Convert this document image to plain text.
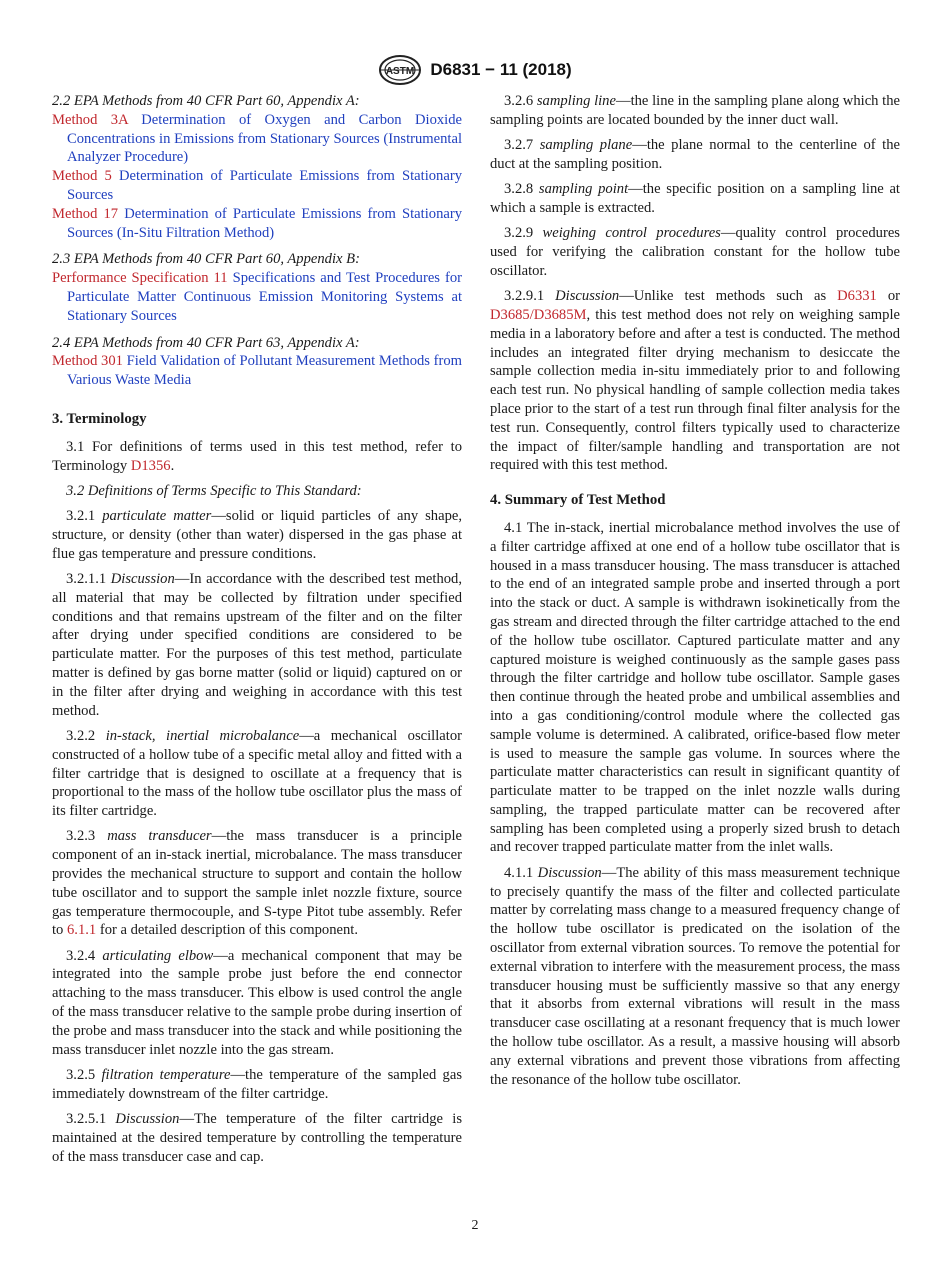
ASTM D6831 − 11 (2018)

2.2 EPA Methods from 40 CFR Part 60, Appendix A:

Method 3A Determination of Oxygen and Carbon Dioxide Concentrations in Emissions from Stationary Sources (Instrumental Analyzer Procedure)

Method 5 Determination of Particulate Emissions from Stationary Sources

Method 17 Determination of Particulate Emissions from Stationary Sources (In-Situ Filtration Method)

2.3 EPA Methods from 40 CFR Part 60, Appendix B:

Performance Specification 11 Specifications and Test Procedures for Particulate Matter Continuous Emission Monitoring Systems at Stationary Sources

2.4 EPA Methods from 40 CFR Part 63, Appendix A:

Method 301 Field Validation of Pollutant Measurement Methods from Various Waste Media

3. Terminology

3.1 For definitions of terms used in this test method, refer to Terminology D1356.

3.2 Definitions of Terms Specific to This Standard:

3.2.1 particulate matter—solid or liquid particles of any shape, structure, or density (other than water) dispersed in the gas phase at flue gas temperature and pressure conditions.

3.2.1.1 Discussion—In accordance with the described test method, all material that may be collected by filtration under specified conditions and that remains upstream of the filter and on the filter after drying under specified conditions are considered to be particulate matter. For the purposes of this test method, particulate matter is defined by gas borne matter (solid or liquid) captured on or in the filter after drying and weighing in accordance with this test method.

3.2.2 in-stack, inertial microbalance—a mechanical oscillator constructed of a hollow tube of a specific metal alloy and fitted with a filter cartridge that is designed to oscillate at a frequency that is proportional to the mass of the hollow tube oscillator plus the mass of its filter cartridge.

3.2.3 mass transducer—the mass transducer is a principle component of an in-stack inertial, microbalance. The mass transducer provides the mechanical structure to support and contain the hollow tube oscillator and to support the sample inlet nozzle fixture, source gas temperature thermocouple, and S-type Pitot tube assembly. Refer to 6.1.1 for a detailed description of this component.

3.2.4 articulating elbow—a mechanical component that may be integrated into the sample probe just before the end connector attaching to the mass transducer. This elbow is used control the angle of the mass transducer relative to the sample probe during insertion of the probe and mass transducer into the stack and while positioning the mass transducer inlet nozzle into the gas stream.

3.2.5 filtration temperature—the temperature of the sampled gas immediately downstream of the filter cartridge.

3.2.5.1 Discussion—The temperature of the filter cartridge is maintained at the desired temperature by controlling the temperature of the mass transducer case and cap.

3.2.6 sampling line—the line in the sampling plane along which the sampling points are located bounded by the inner duct wall.

3.2.7 sampling plane—the plane normal to the centerline of the duct at the sampling position.

3.2.8 sampling point—the specific position on a sampling line at which a sample is extracted.

3.2.9 weighing control procedures—quality control procedures used for verifying the calibration constant for the hollow tube oscillator.

3.2.9.1 Discussion—Unlike test methods such as D6331 or D3685/D3685M, this test method does not rely on weighing sample media in a laboratory before and after a test is conducted. The method includes an integrated filter drying mechanism to desiccate the sample collection media in-situ immediately prior to and following each test run. No physical handling of sample collection media takes place prior to the start of a test run through final filter analysis for the test run. Consequently, control filters typically used to characterize the impact of filter/sample handling and transportation are not required with this test method.

4. Summary of Test Method

4.1 The in-stack, inertial microbalance method involves the use of a filter cartridge affixed at one end of a hollow tube oscillator that is housed in a mass transducer housing. The mass transducer is attached to the end of an integrated sample probe and inserted through a port into the stack or duct. A sample is withdrawn isokinetically from the gas stream and directed through the filter cartridge attached to the end of the hollow tube oscillator. Captured particulate matter and any captured moisture is weighed continuously as the sample gases pass through the filter cartridge and hollow tube oscillator. Sample gases then continue through the heated probe and umbilical assemblies and into a gas conditioning/control module where the collected gas sample volume is determined. A calibrated, orifice-based flow meter is used to measure the sample gas volume. In sources where the particulate matter characteristics can result in significant quantity of particulate matter to be trapped on the inlet nozzle walls during sampling, the trapped particulate matter can be recovered after sampling has been completed using a properly sized brush to detach and recover trapped particulate matter from the inlet walls.

4.1.1 Discussion—The ability of this mass measurement technique to precisely quantify the mass of the filter and collected particulate matter by correlating mass change to a measured frequency change of the hollow tube oscillator is predicated on the isolation of the oscillator from external vibration sources. To remove the potential for external vibration to interfere with the measurement process, the mass transducer housing must be sufficiently massive so that any energy that it absorbs from external vibrations will result in the mass transducer case oscillating at a resonant frequency that is much lower the hollow tube oscillator. As a result, a massive housing will absorb any external vibrations and prevent those vibrations from affecting the resonance of the hollow tube oscillator.

2
